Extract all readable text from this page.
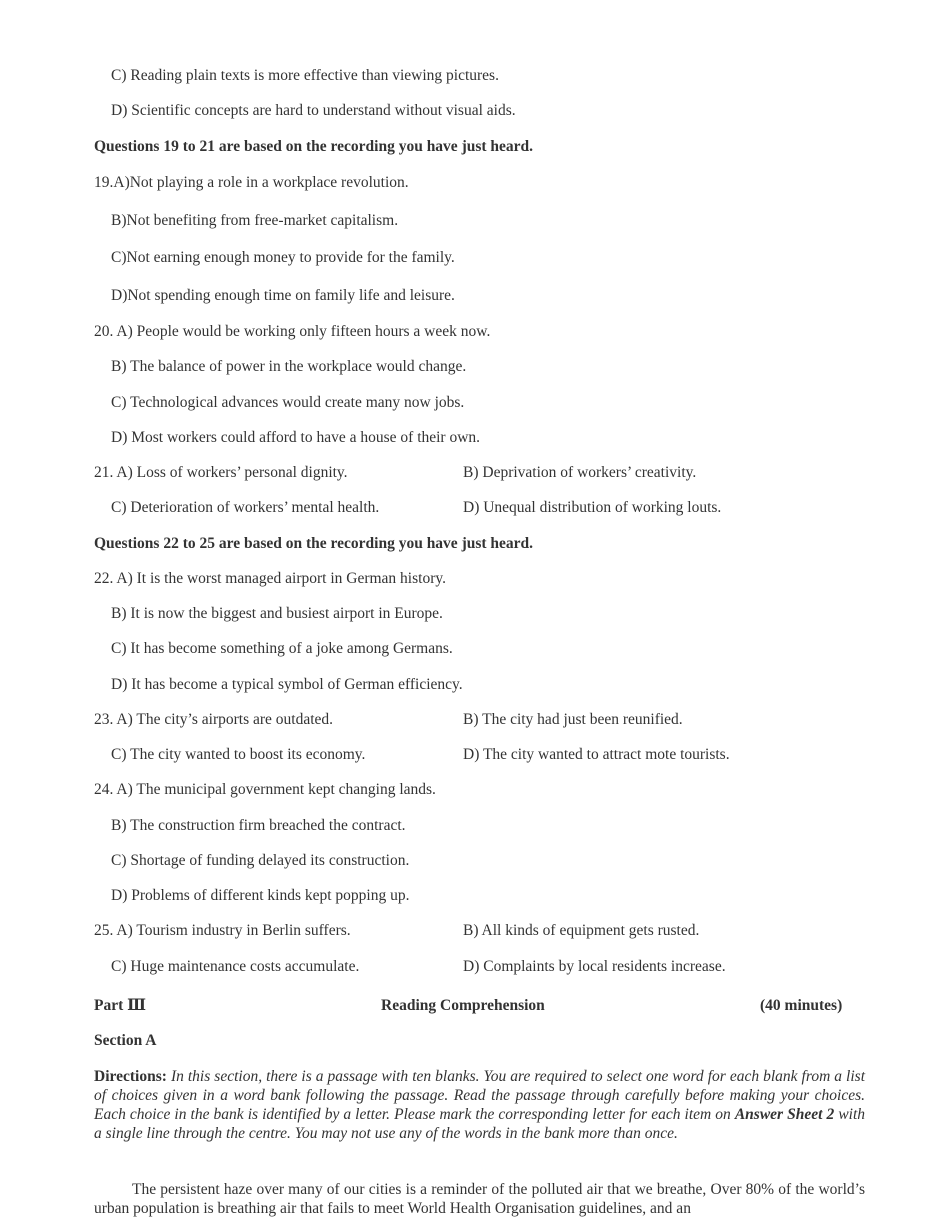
C) Reading plain texts is more effective than viewing pictures.
D) Scientific concepts are hard to understand without visual aids.
Questions 19 to 21 are based on the recording you have just heard.
19.A)Not playing a role in a workplace revolution.
B)Not benefiting from free-market capitalism.
C)Not earning enough money to provide for the family.
D)Not spending enough time on family life and leisure.
20. A) People would be working only fifteen hours a week now.
B) The balance of power in the workplace would change.
C) Technological advances would create many now jobs.
D) Most workers could afford to have a house of their own.
21. A) Loss of workers’ personal dignity.	B) Deprivation of workers’ creativity.
C) Deterioration of workers’ mental health.	D) Unequal distribution of working louts.
Questions 22 to 25 are based on the recording you have just heard.
22. A) It is the worst managed airport in German history.
B) It is now the biggest and busiest airport in Europe.
C) It has become something of a joke among Germans.
D) It has become a typical symbol of German efficiency.
23. A) The city’s airports are outdated.	B) The city had just been reunified.
C) The city wanted to boost its economy.	D) The city wanted to attract mote tourists.
24. A) The municipal government kept changing lands.
B) The construction firm breached the contract.
C) Shortage of funding delayed its construction.
D) Problems of different kinds kept popping up.
25. A) Tourism industry in Berlin suffers.	B) All kinds of equipment gets rusted.
C) Huge maintenance costs accumulate.	D) Complaints by local residents increase.
Part Ⅲ	Reading Comprehension	(40 minutes)
Section A
Directions: In this section, there is a passage with ten blanks. You are required to select one word for each blank from a list of choices given in a word bank following the passage. Read the passage through carefully before making your choices. Each choice in the bank is identified by a letter. Please mark the corresponding letter for each item on Answer Sheet 2 with a single line through the centre. You may not use any of the words in the bank more than once.
The persistent haze over many of our cities is a reminder of the polluted air that we breathe, Over 80% of the world’s urban population is breathing air that fails to meet World Health Organisation guidelines, and an
